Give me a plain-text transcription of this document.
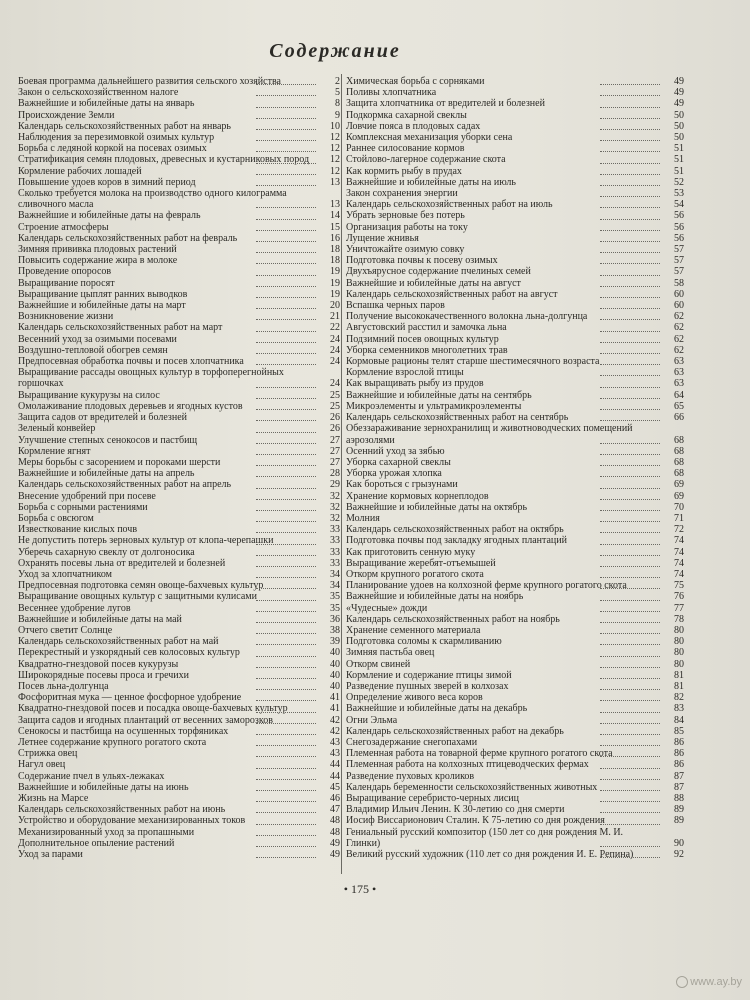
Содержание
Боевая программа дальнейшего развития сельского хозяйства	2
Закон о сельскохозяйственном налоге	5
Важнейшие и юбилейные даты на январь	8
Происхождение Земли	9
Календарь сельскохозяйственных работ на январь	10
Наблюдения за перезимовкой озимых культур	12
Борьба с ледяной коркой на посевах озимых	12
Стратификация семян плодовых, древесных и кустарниковых пород	12
Кормление рабочих лошадей	12
Повышение удоев коров в зимний период	13
Сколько требуется молока на производство одного килограмма сливочного масла	13
Важнейшие и юбилейные даты на февраль	14
Строение атмосферы	15
Календарь сельскохозяйственных работ на февраль	16
Зимняя прививка плодовых растений	18
Повысить содержание жира в молоке	18
Проведение опоросов	19
Выращивание поросят	19
Выращивание цыплят ранних выводков	19
Важнейшие и юбилейные даты на март	20
Возникновение жизни	21
Календарь сельскохозяйственных работ на март	22
Весенний уход за озимыми посевами	24
Воздушно-тепловой обогрев семян	24
Предпосевная обработка почвы и посев хлопчатника	24
Выращивание рассады овощных культур в торфоперегнойных горшочках	24
Выращивание кукурузы на силос	25
Омолаживание плодовых деревьев и ягодных кустов	25
Защита садов от вредителей и болезней	26
Зеленый конвейер	26
Улучшение степных сенокосов и пастбищ	27
Кормление ягнят	27
Меры борьбы с засорением и пороками шерсти	27
Важнейшие и юбилейные даты на апрель	28
Календарь сельскохозяйственных работ на апрель	29
Внесение удобрений при посеве	32
Борьба с сорными растениями	32
Борьба с овсюгом	32
Известкование кислых почв	33
Не допустить потерь зерновых культур от клопа-черепашки	33
Уберечь сахарную свеклу от долгоносика	33
Охранять посевы льна от вредителей и болезней	33
Уход за хлопчатником	34
Предпосевная подготовка семян овоще-бахчевых культур	34
Выращивание овощных культур с защитными кулисами	35
Весеннее удобрение лугов	35
Важнейшие и юбилейные даты на май	36
Отчего светит Солнце	38
Календарь сельскохозяйственных работ на май	39
Перекрестный и узкорядный сев колосовых культур	40
Квадратно-гнездовой посев кукурузы	40
Широкорядные посевы проса и гречихи	40
Посев льна-долгунца	40
Фосфоритная мука — ценное фосфорное удобрение	41
Квадратно-гнездовой посев и посадка овоще-бахчевых культур	41
Защита садов и ягодных плантаций от весенних заморозков	42
Сенокосы и пастбища на осушенных торфяниках	42
Летнее содержание крупного рогатого скота	43
Стрижка овец	43
Нагул овец	44
Содержание пчел в ульях-лежаках	44
Важнейшие и юбилейные даты на июнь	45
Жизнь на Марсе	46
Календарь сельскохозяйственных работ на июнь	47
Устройство и оборудование механизированных токов	48
Механизированный уход за пропашными	48
Дополнительное опыление растений	49
Уход за парами	49
Химическая борьба с сорняками	49
Поливы хлопчатника	49
Защита хлопчатника от вредителей и болезней	49
Подкормка сахарной свеклы	50
Ловчие пояса в плодовых садах	50
Комплексная механизация уборки сена	50
Раннее силосование кормов	51
Стойлово-лагерное содержание скота	51
Как кормить рыбу в прудах	51
Важнейшие и юбилейные даты на июль	52
Закон сохранения энергии	53
Календарь сельскохозяйственных работ на июль	54
Убрать зерновые без потерь	56
Организация работы на току	56
Лущение жнивья	56
Уничтожайте озимую совку	57
Подготовка почвы к посеву озимых	57
Двухъярусное содержание пчелиных семей	57
Важнейшие и юбилейные даты на август	58
Календарь сельскохозяйственных работ на август	60
Вспашка черных паров	60
Получение высококачественного волокна льна-долгунца	62
Августовский расстил и замочка льна	62
Подзимний посев овощных культур	62
Уборка семенников многолетних трав	62
Кормовые рационы телят старше шестимесячного возраста	63
Кормление взрослой птицы	63
Как выращивать рыбу из прудов	63
Важнейшие и юбилейные даты на сентябрь	64
Микроэлементы и ультрамикроэлементы	65
Календарь сельскохозяйственных работ на сентябрь	66
Обеззараживание зернохранилищ и животноводческих помещений аэрозолями	68
Осенний уход за зябью	68
Уборка сахарной свеклы	68
Уборка урожая хлопка	68
Как бороться с грызунами	69
Хранение кормовых корнеплодов	69
Важнейшие и юбилейные даты на октябрь	70
Молния	71
Календарь сельскохозяйственных работ на октябрь	72
Подготовка почвы под закладку ягодных плантаций	74
Как приготовить сенную муку	74
Выращивание жеребят-отъемышей	74
Откорм крупного рогатого скота	74
Планирование удоев на колхозной ферме крупного рогатого скота	75
Важнейшие и юбилейные даты на ноябрь	76
«Чудесные» дожди	77
Календарь сельскохозяйственных работ на ноябрь	78
Хранение семенного материала	80
Подготовка соломы к скармливанию	80
Зимняя пастьба овец	80
Откорм свиней	80
Кормление и содержание птицы зимой	81
Разведение пушных зверей в колхозах	81
Определение живого веса коров	82
Важнейшие и юбилейные даты на декабрь	83
Огни Эльма	84
Календарь сельскохозяйственных работ на декабрь	85
Снегозадержание снегопахами	86
Племенная работа на товарной ферме крупного рогатого скота	86
Племенная работа на колхозных птицеводческих фермах	86
Разведение пуховых кроликов	87
Календарь беременности сельскохозяйственных животных	87
Выращивание серебристо-черных лисиц	88
Владимир Ильич Ленин. К 30-летию со дня смерти	89
Иосиф Виссарионович Сталин. К 75-летию со дня рождения	89
Гениальный русский композитор (150 лет со дня рождения М. И. Глинки)	90
Великий русский художник (110 лет со дня рождения И. Е. Репина)	92
• 175 •
www.ay.by
